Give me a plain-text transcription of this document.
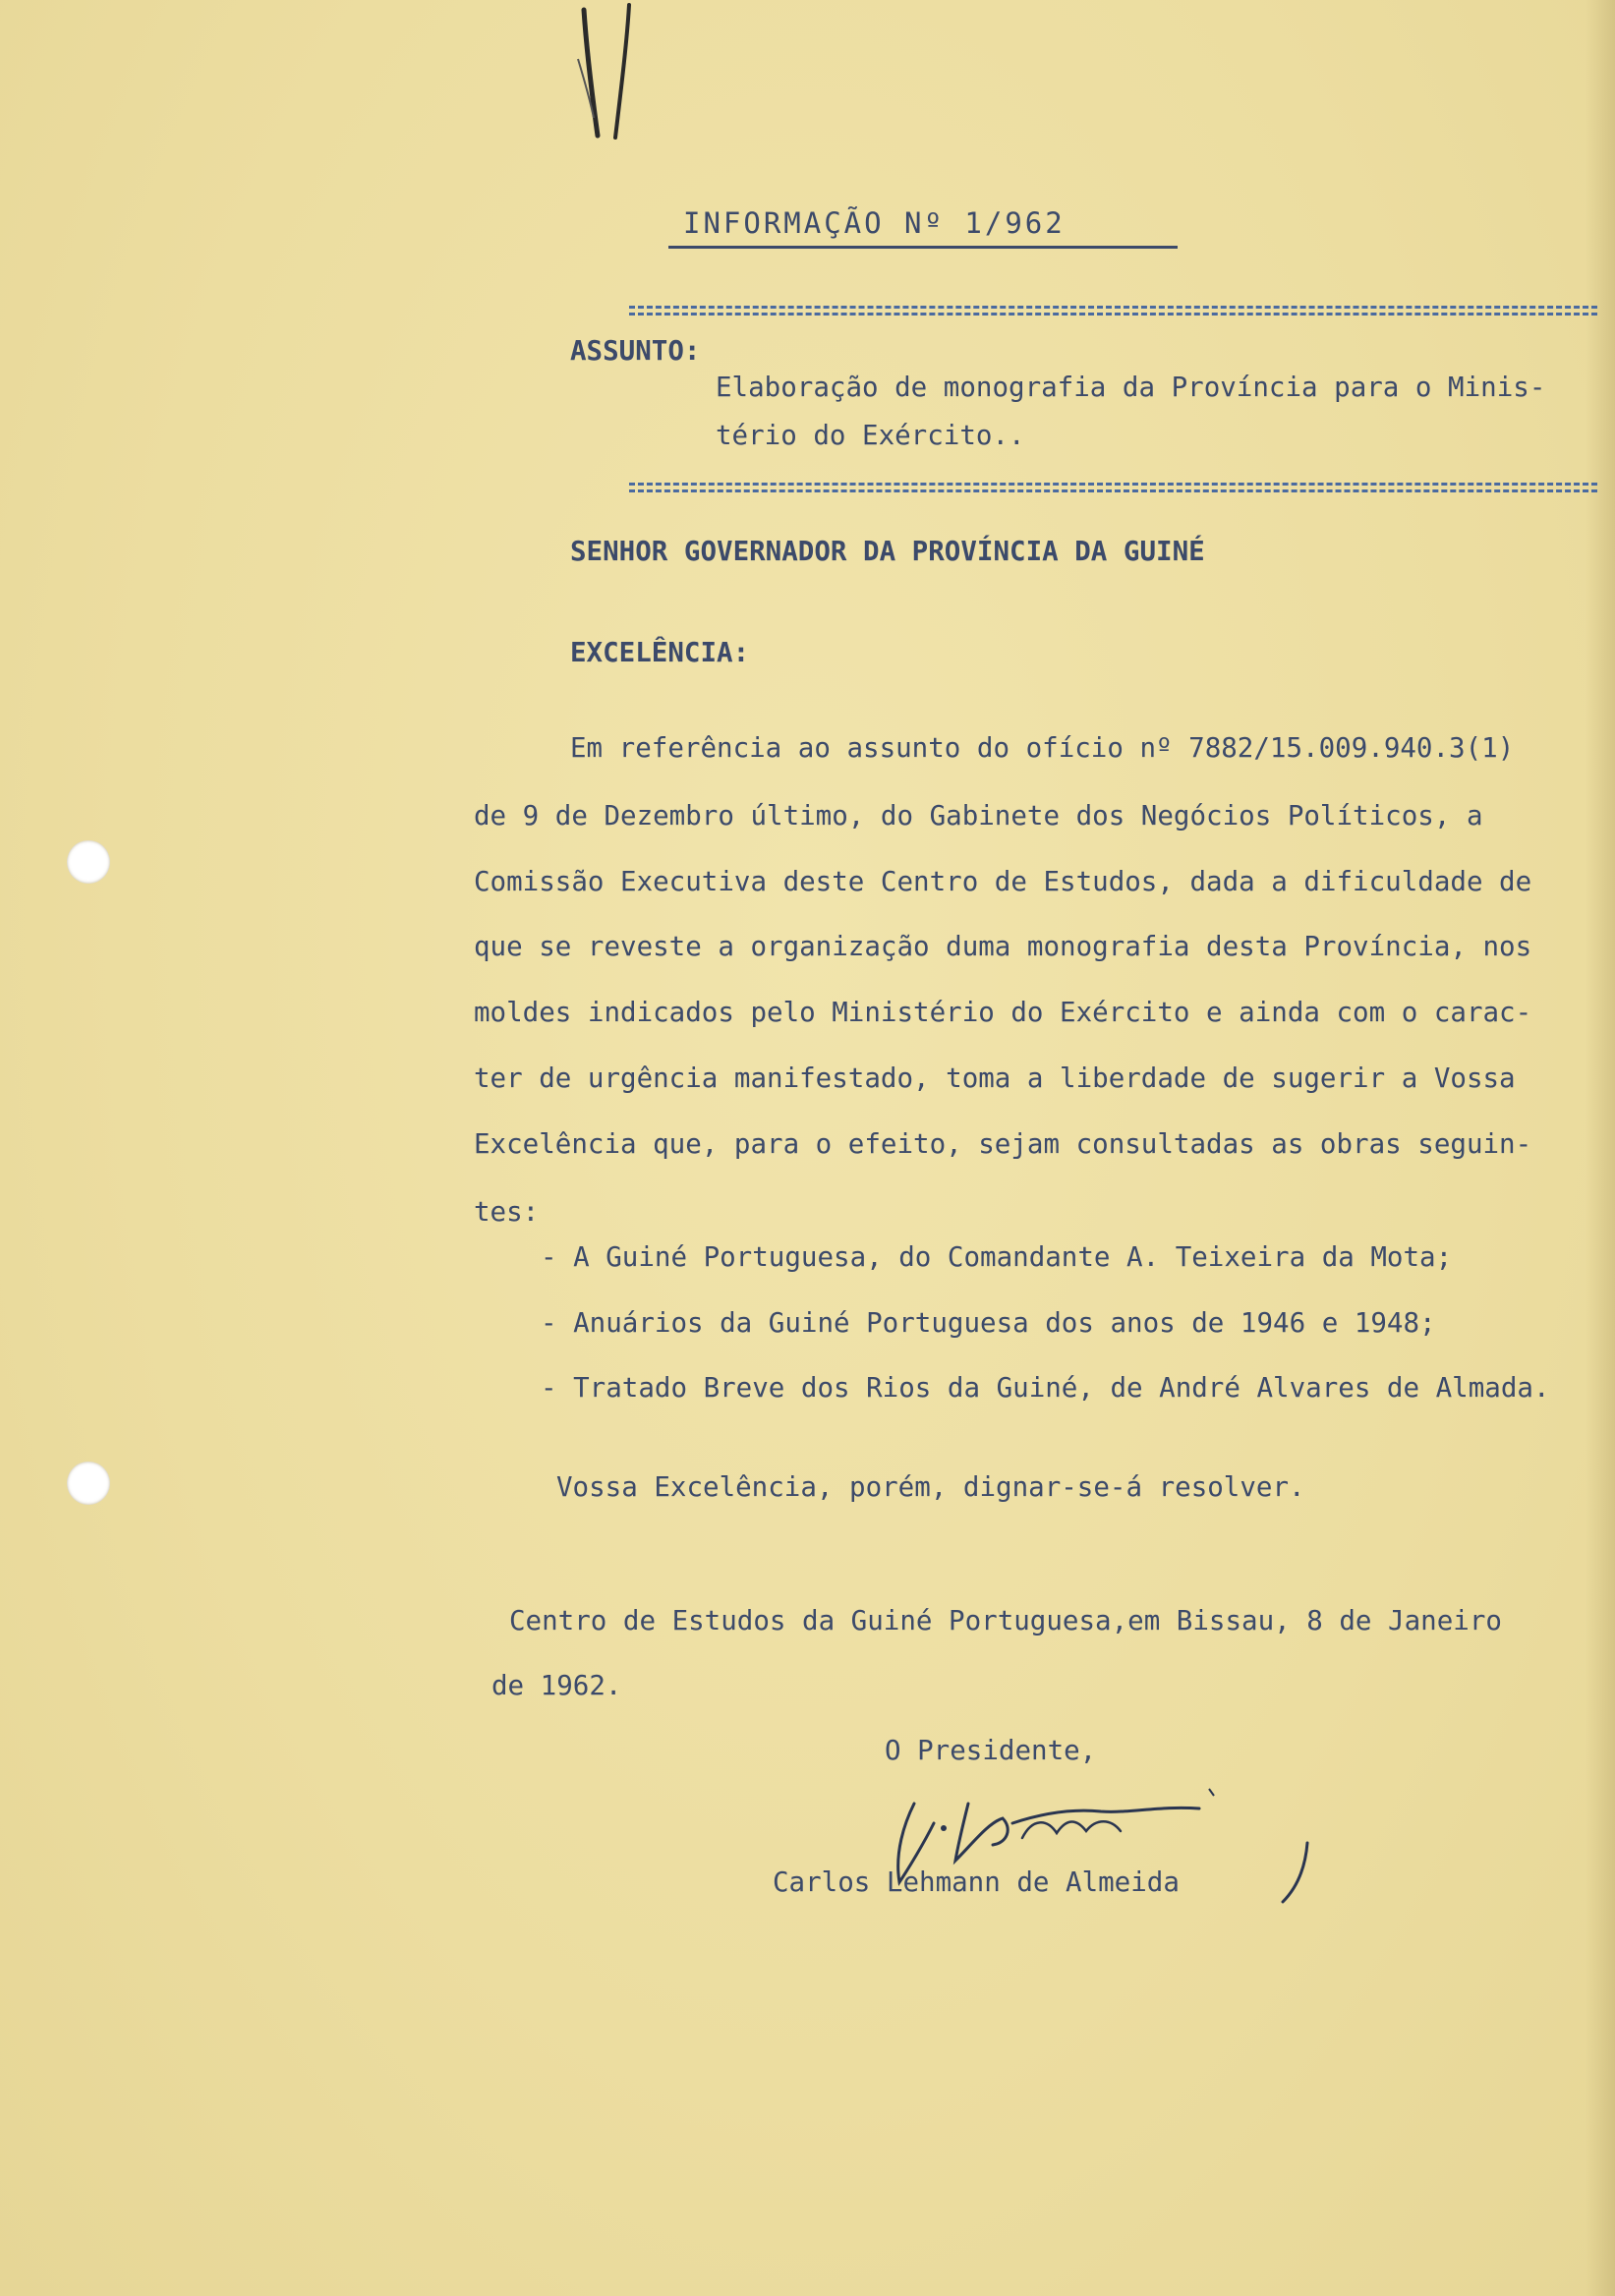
INFORMAÇÃO Nº 1/962
ASSUNTO:
Elaboração de monografia da Província para o Minis-
tério do Exército..
SENHOR GOVERNADOR DA PROVÍNCIA DA GUINÉ
EXCELÊNCIA:
Em referência ao assunto do ofício nº 7882/15.009.940.3(1)
de 9 de Dezembro último, do Gabinete dos Negócios Políticos, a
Comissão Executiva deste Centro de Estudos, dada a dificuldade de
que se reveste a organização duma monografia desta Província, nos
moldes indicados pelo Ministério do Exército e ainda com o carac-
ter de urgência manifestado, toma a liberdade de sugerir a Vossa
Excelência que, para o efeito, sejam consultadas as obras seguin-
tes:
- A Guiné Portuguesa, do Comandante A. Teixeira da Mota;
- Anuários da Guiné Portuguesa dos anos de 1946 e 1948;
- Tratado Breve dos Rios da Guiné, de André Alvares de Almada.
Vossa Excelência, porém, dignar-se-á resolver.
Centro de Estudos da Guiné Portuguesa,em Bissau, 8 de Janeiro
de 1962.
O Presidente,
Carlos Lehmann de Almeida
